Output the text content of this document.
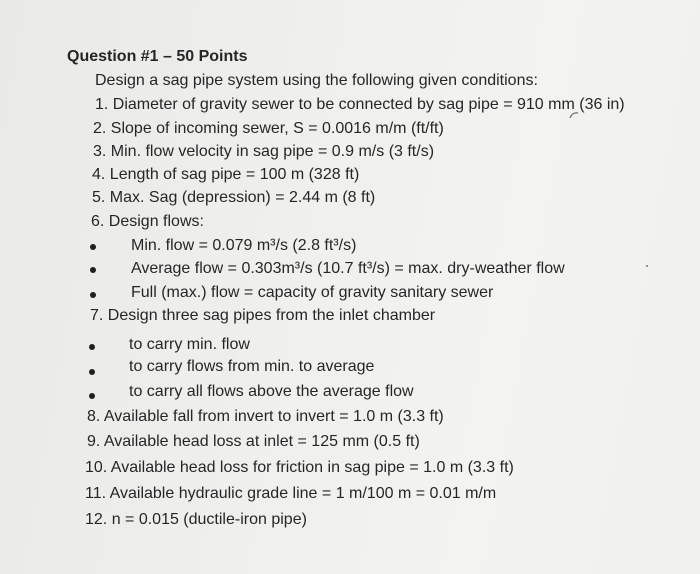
Question #1 – 50 Points
Design a sag pipe system using the following given conditions:
1. Diameter of gravity sewer to be connected by sag pipe = 910 mm (36 in)
2. Slope of incoming sewer, S = 0.0016 m/m (ft/ft)
3. Min. flow velocity in sag pipe = 0.9 m/s (3 ft/s)
4. Length of sag pipe = 100 m (328 ft)
5. Max. Sag (depression) = 2.44 m (8 ft)
6. Design flows:
Min. flow = 0.079 m³/s (2.8 ft³/s)
Average flow = 0.303m³/s (10.7 ft³/s) = max. dry-weather flow
Full (max.) flow = capacity of gravity sanitary sewer
7. Design three sag pipes from the inlet chamber
to carry min. flow
to carry flows from min. to average
to carry all flows above the average flow
8. Available fall from invert to invert = 1.0 m (3.3 ft)
9. Available head loss at inlet = 125 mm (0.5 ft)
10. Available head loss for friction in sag pipe = 1.0 m (3.3 ft)
11. Available hydraulic grade line = 1 m/100 m = 0.01 m/m
12. n = 0.015 (ductile-iron pipe)
